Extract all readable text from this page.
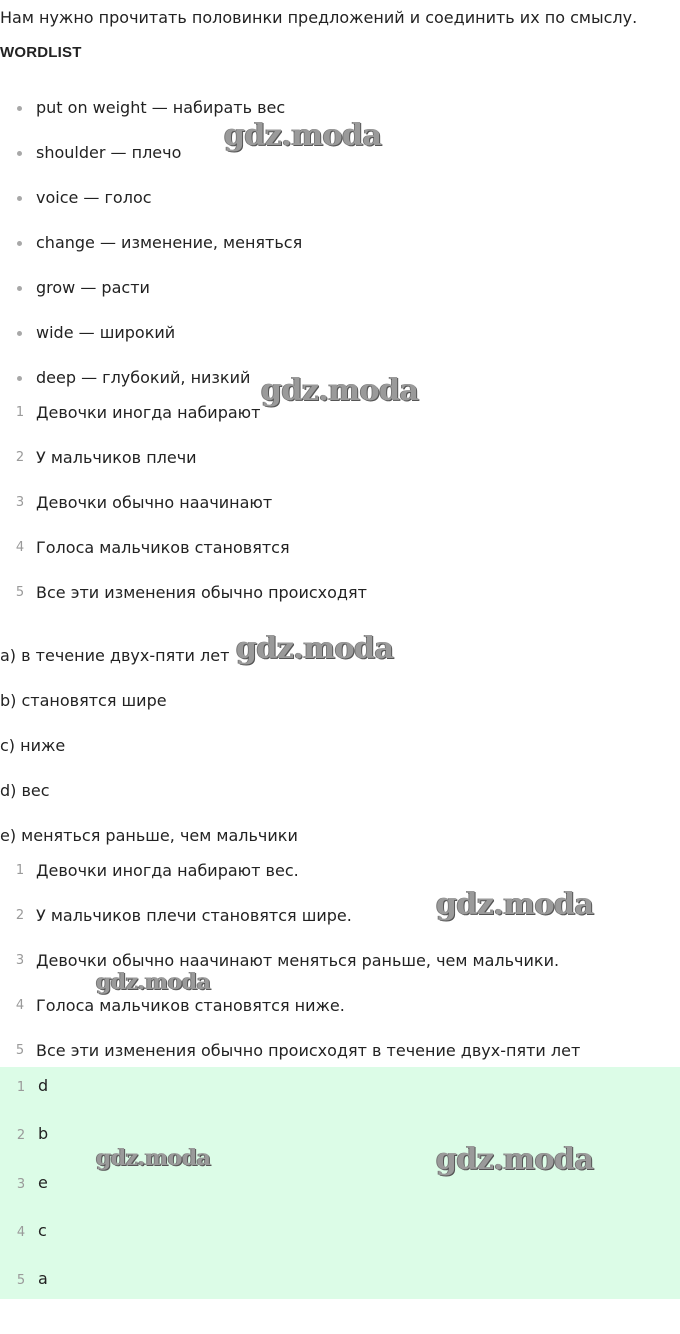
Нам нужно прочитать половинки предложений и соединить их по смыслу.
WORDLIST
put on weight — набирать вес
shoulder — плечо
voice — голос
change — изменение, меняться
grow — расти
wide — широкий
deep — глубокий, низкий
1 Девочки иногда набирают
2 У мальчиков плечи
3 Девочки обычно наачинают
4 Голоса мальчиков становятся
5 Все эти изменения обычно происходят
a) в течение двух-пяти лет
b) становятся шире
c) ниже
d) вес
e) меняться раньше, чем мальчики
1 Девочки иногда набирают вес.
2 У мальчиков плечи становятся шире.
3 Девочки обычно наачинают меняться раньше, чем мальчики.
4 Голоса мальчиков становятся ниже.
5 Все эти изменения обычно происходят в течение двух-пяти лет
1 d
2 b
3 e
4 c
5 a
gdz.moda
gdz.moda
gdz.moda
gdz.moda
gdz.moda
gdz.moda	gdz.moda
